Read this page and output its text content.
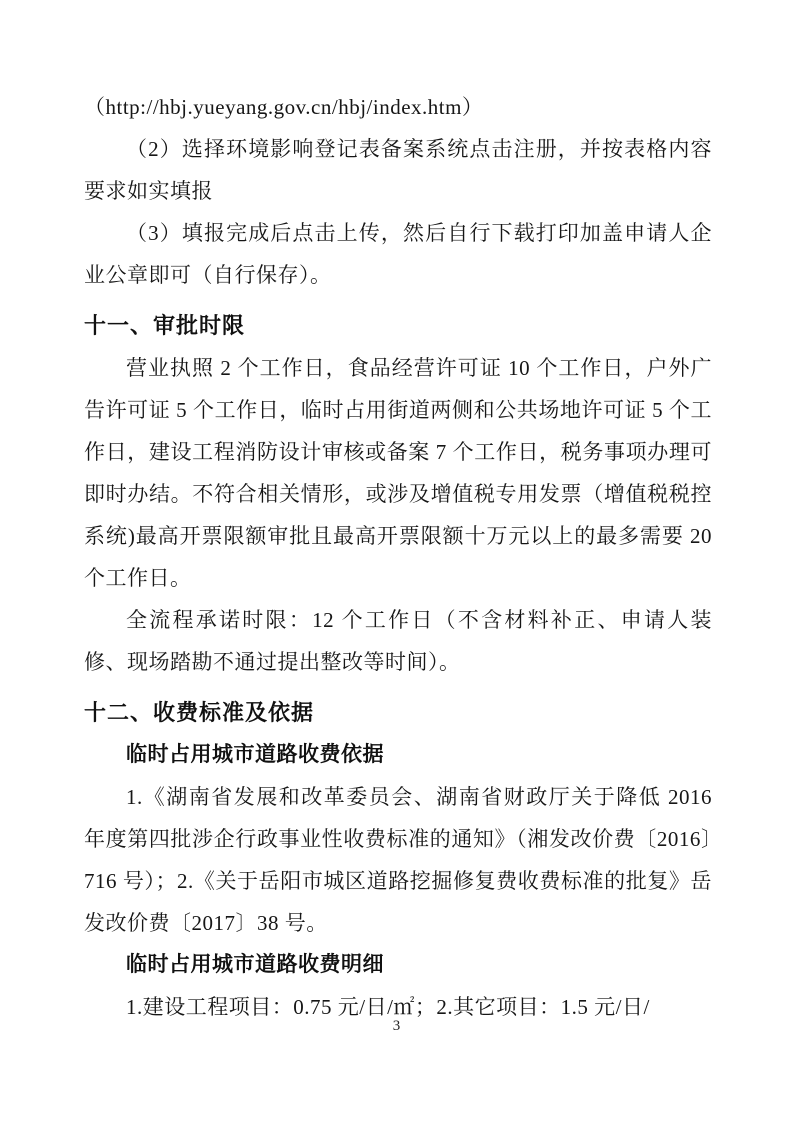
（http://hbj.yueyang.gov.cn/hbj/index.htm）

（2）选择环境影响登记表备案系统点击注册，并按表格内容要求如实填报

（3）填报完成后点击上传，然后自行下载打印加盖申请人企业公章即可（自行保存）。

十一、审批时限

营业执照 2 个工作日，食品经营许可证 10 个工作日，户外广告许可证 5 个工作日，临时占用街道两侧和公共场地许可证 5 个工作日，建设工程消防设计审核或备案 7 个工作日，税务事项办理可即时办结。不符合相关情形，或涉及增值税专用发票（增值税税控系统)最高开票限额审批且最高开票限额十万元以上的最多需要 20 个工作日。

全流程承诺时限：12 个工作日（不含材料补正、申请人装修、现场踏勘不通过提出整改等时间）。

十二、收费标准及依据

临时占用城市道路收费依据

1.《湖南省发展和改革委员会、湖南省财政厅关于降低 2016 年度第四批涉企行政事业性收费标准的通知》（湘发改价费〔2016〕716 号）；2.《关于岳阳市城区道路挖掘修复费收费标准的批复》岳发改价费〔2017〕38 号。

临时占用城市道路收费明细

1.建设工程项目：0.75 元/日/㎡；2.其它项目：1.5 元/日/

3
